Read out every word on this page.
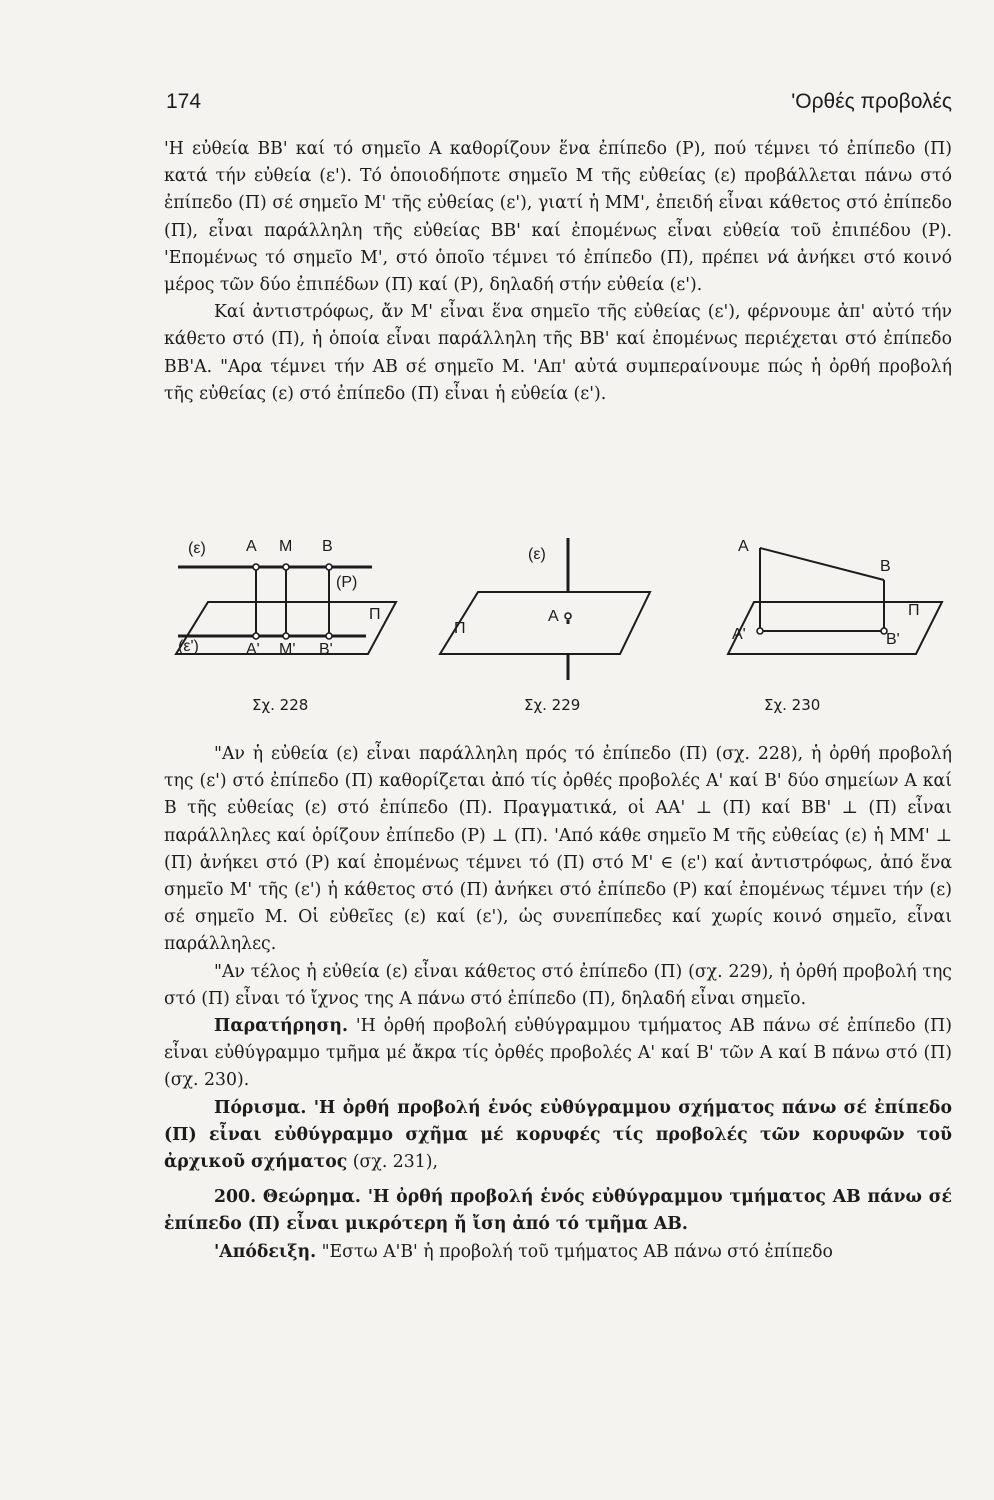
174	'Ορθές προβολές

'Η εὐθεία ΒΒ' καί τό σημεῖο Α καθορίζουν ἕνα ἐπίπεδο (Ρ), πού τέμνει τό ἐπίπεδο (Π) κατά τήν εὐθεία (ε'). Τό ὁποιοδήποτε σημεῖο Μ τῆς εὐθείας (ε) προβάλλεται πάνω στό ἐπίπεδο (Π) σέ σημεῖο Μ' τῆς εὐθείας (ε'), γιατί ἡ ΜΜ', ἐπειδή εἶναι κάθετος στό ἐπίπεδο (Π), εἶναι παράλληλη τῆς εὐθείας ΒΒ' καί ἐπομένως εἶναι εὐθεία τοῦ ἐπιπέδου (Ρ). 'Επομένως τό σημεῖο Μ', στό ὁποῖο τέμνει τό ἐπίπεδο (Π), πρέπει νά ἀνήκει στό κοινό μέρος τῶν δύο ἐπιπέδων (Π) καί (Ρ), δηλαδή στήν εὐθεία (ε').

Καί ἀντιστρόφως, ἄν Μ' εἶναι ἕνα σημεῖο τῆς εὐθείας (ε'), φέρνουμε ἀπ' αὐτό τήν κάθετο στό (Π), ἡ ὁποία εἶναι παράλληλη τῆς ΒΒ' καί ἐπομένως περιέχεται στό ἐπίπεδο ΒΒ'Α. "Αρα τέμνει τήν ΑΒ σέ σημεῖο Μ. 'Απ' αὐτά συμπεραίνουμε πώς ἡ ὀρθή προβολή τῆς εὐθείας (ε) στό ἐπίπεδο (Π) εἶναι ἡ εὐθεία (ε').

(ε)	Α Μ Β
(Ρ)
Π
(ε')	Α' Μ' Β'
Σχ. 228
(ε)
Π
Α
Σχ. 229
Α
Β
Π
Α'	Β'
Σχ. 230

"Αν ἡ εὐθεία (ε) εἶναι παράλληλη πρός τό ἐπίπεδο (Π) (σχ. 228), ἡ ὀρθή προβολή της (ε') στό ἐπίπεδο (Π) καθορίζεται ἀπό τίς ὀρθές προβολές Α' καί Β' δύο σημείων Α καί Β τῆς εὐθείας (ε) στό ἐπίπεδο (Π). Πραγματικά, οἱ ΑΑ' ⊥ (Π) καί ΒΒ' ⊥ (Π) εἶναι παράλληλες καί ὁρίζουν ἐπίπεδο (Ρ) ⊥ (Π). 'Από κάθε σημεῖο Μ τῆς εὐθείας (ε) ἡ ΜΜ' ⊥ (Π) ἀνήκει στό (Ρ) καί ἐπομένως τέμνει τό (Π) στό Μ' ∈ (ε') καί ἀντιστρόφως, ἀπό ἕνα σημεῖο Μ' τῆς (ε') ἡ κάθετος στό (Π) ἀνήκει στό ἐπίπεδο (Ρ) καί ἐπομένως τέμνει τήν (ε) σέ σημεῖο Μ. Οἱ εὐθεῖες (ε) καί (ε'), ὡς συνεπίπεδες καί χωρίς κοινό σημεῖο, εἶναι παράλληλες.

"Αν τέλος ἡ εὐθεία (ε) εἶναι κάθετος στό ἐπίπεδο (Π) (σχ. 229), ἡ ὀρθή προβολή της στό (Π) εἶναι τό ἴχνος της Α πάνω στό ἐπίπεδο (Π), δηλαδή εἶναι σημεῖο.

Παρατήρηση. 'Η ὀρθή προβολή εὐθύγραμμου τμήματος ΑΒ πάνω σέ ἐπίπεδο (Π) εἶναι εὐθύγραμμο τμῆμα μέ ἄκρα τίς ὀρθές προβολές Α' καί Β' τῶν Α καί Β πάνω στό (Π) (σχ. 230).

Πόρισμα. 'Η ὀρθή προβολή ἑνός εὐθύγραμμου σχήματος πάνω σέ ἐπίπεδο (Π) εἶναι εὐθύγραμμο σχῆμα μέ κορυφές τίς προβολές τῶν κορυφῶν τοῦ ἀρχικοῦ σχήματος (σχ. 231),

200. Θεώρημα. 'Η ὀρθή προβολή ἑνός εὐθύγραμμου τμήματος ΑΒ πάνω σέ ἐπίπεδο (Π) εἶναι μικρότερη ἤ ἴση ἀπό τό τμῆμα ΑΒ.

'Απόδειξη. "Εστω Α'Β' ἡ προβολή τοῦ τμήματος ΑΒ πάνω στό ἐπίπεδο
